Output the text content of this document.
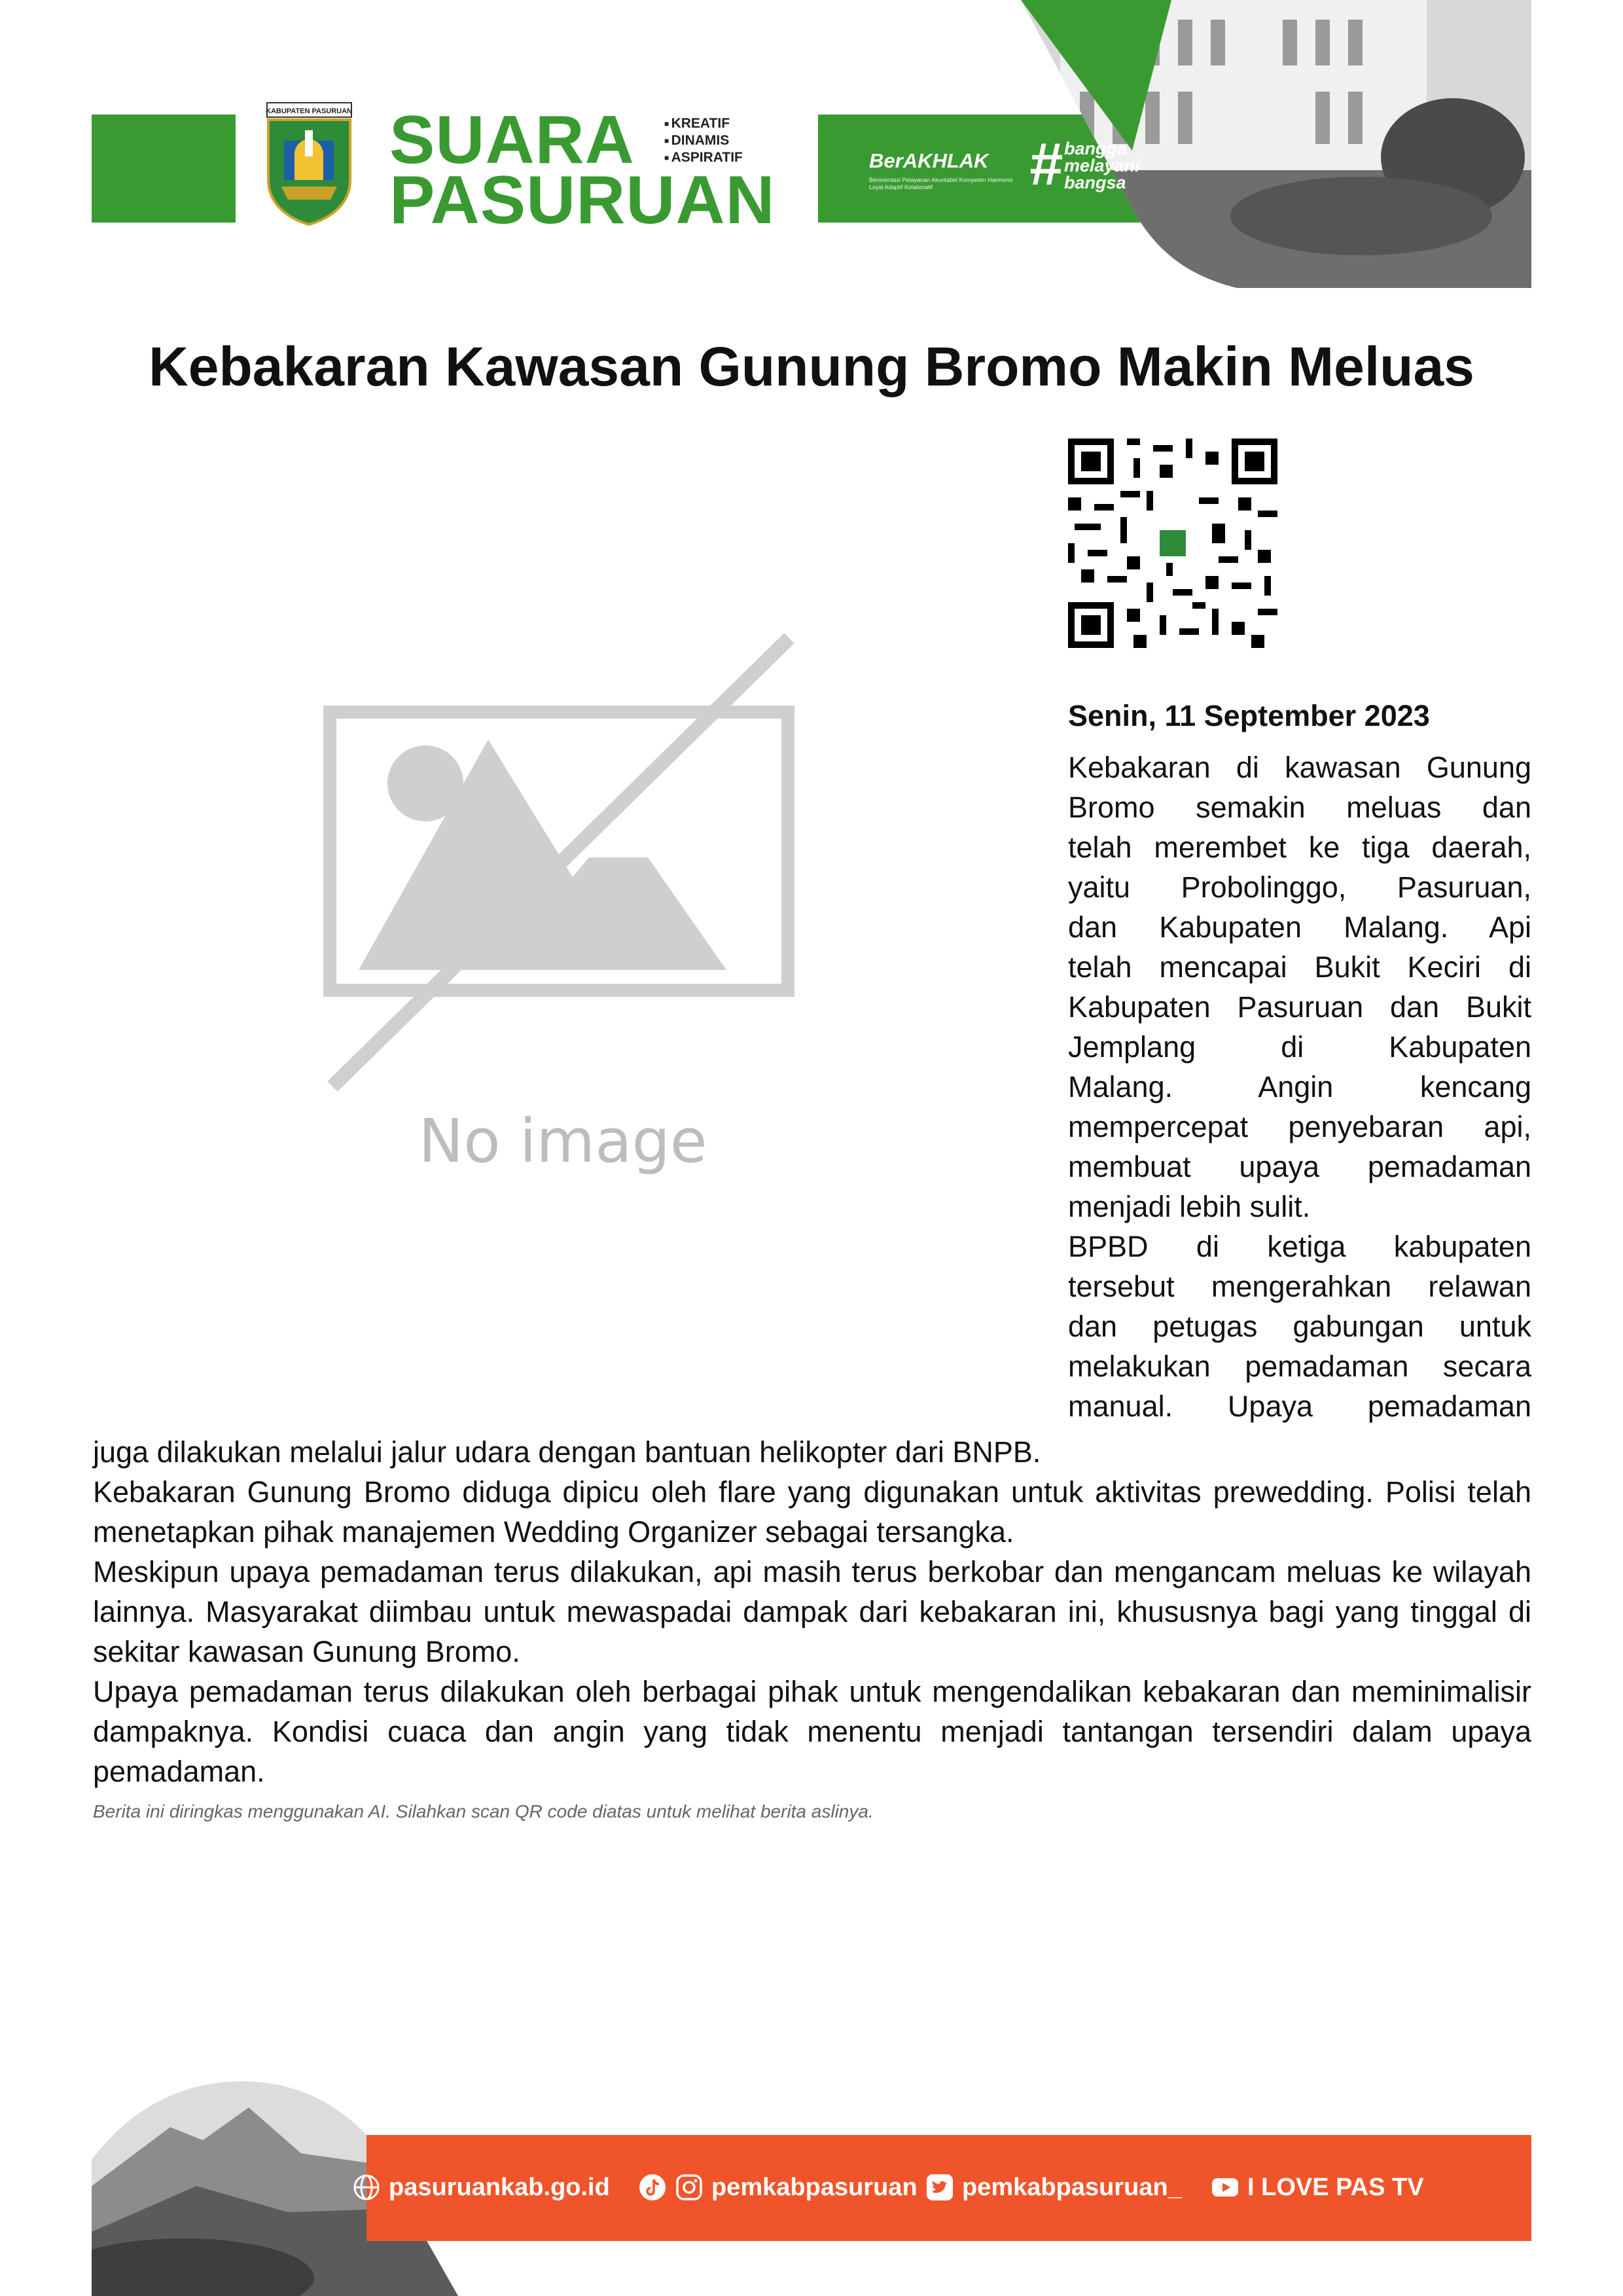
KABUPATEN PASURUAN SUARA
PASURUAN
■ KREATIF
■ DINAMIS
■ ASPIRATIF	BerAKHLAK
Berorientasi Pelayanan Akuntabel Kompeten Harmonis Loyal Adaptif Kolaboratif	# bangga
melayani
bangsa
Kebakaran Kawasan Gunung Bromo Makin Meluas
No image
Senin, 11 September 2023
Kebakaran di kawasan Gunung
Bromo semakin meluas dan
telah merembet ke tiga daerah,
yaitu Probolinggo, Pasuruan,
dan Kabupaten Malang. Api
telah mencapai Bukit Keciri di
Kabupaten Pasuruan dan Bukit
Jemplang di Kabupaten
Malang. Angin kencang
mempercepat penyebaran api,
membuat upaya pemadaman
menjadi lebih sulit.
BPBD di ketiga kabupaten
tersebut mengerahkan relawan
dan petugas gabungan untuk
melakukan pemadaman secara
manual. Upaya pemadaman
juga dilakukan melalui jalur udara dengan bantuan helikopter dari BNPB.
Kebakaran Gunung Bromo diduga dipicu oleh flare yang digunakan untuk aktivitas prewedding. Polisi telah menetapkan pihak manajemen Wedding Organizer sebagai tersangka.
Meskipun upaya pemadaman terus dilakukan, api masih terus berkobar dan mengancam meluas ke wilayah lainnya. Masyarakat diimbau untuk mewaspadai dampak dari kebakaran ini, khususnya bagi yang tinggal di sekitar kawasan Gunung Bromo.
Upaya pemadaman terus dilakukan oleh berbagai pihak untuk mengendalikan kebakaran dan meminimalisir dampaknya. Kondisi cuaca dan angin yang tidak menentu menjadi tantangan tersendiri dalam upaya pemadaman.
Berita ini diringkas menggunakan AI. Silahkan scan QR code diatas untuk melihat berita aslinya.
pasuruankab.go.id	pemkabpasuruan pemkabpasuruan_	I LOVE PAS TV
